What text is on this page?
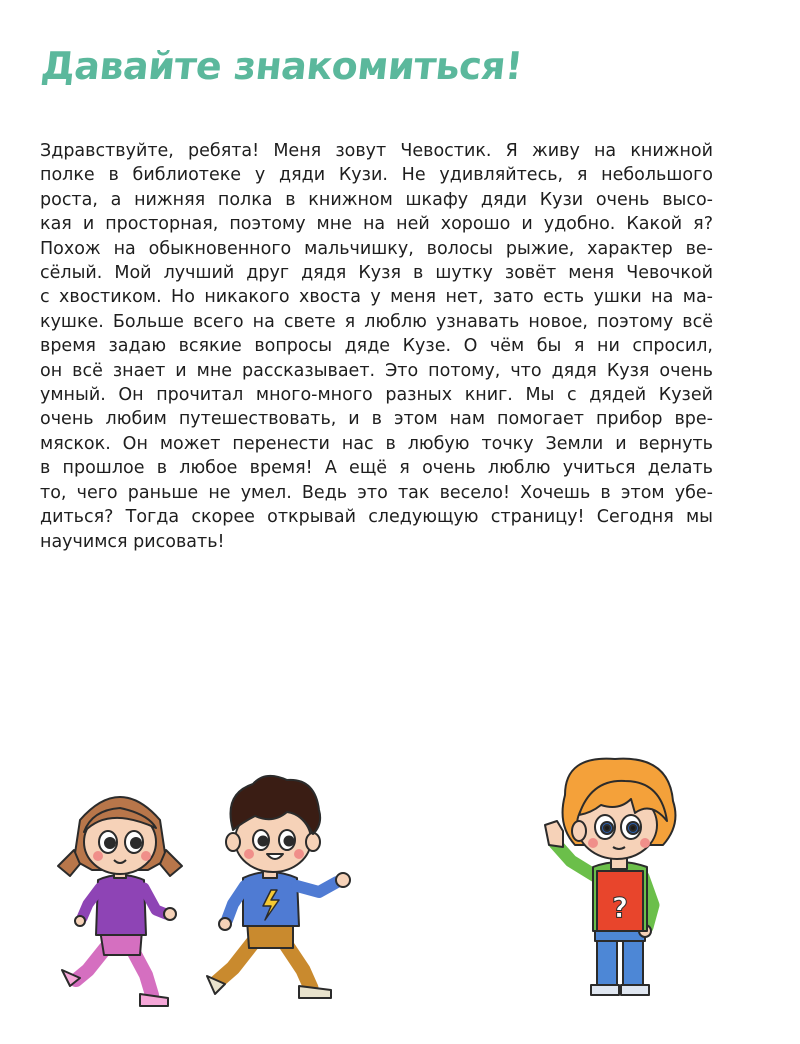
Давайте знакомиться!
Здравствуйте, ребята! Меня зовут Чевостик. Я живу на книжной
полке в библиотеке у дяди Кузи. Не удивляйтесь, я небольшого
роста, а нижняя полка в книжном шкафу дяди Кузи очень высо-
кая и просторная, поэтому мне на ней хорошо и удобно. Какой я?
Похож на обыкновенного мальчишку, волосы рыжие, характер ве-
сёлый. Мой лучший друг дядя Кузя в шутку зовёт меня Чевочкой
с хвостиком. Но никакого хвоста у меня нет, зато есть ушки на ма-
кушке. Больше всего на свете я люблю узнавать новое, поэтому всё
время задаю всякие вопросы дяде Кузе. О чём бы я ни спросил,
он всё знает и мне рассказывает. Это потому, что дядя Кузя очень
умный. Он прочитал много-много разных книг. Мы с дядей Кузей
очень любим путешествовать, и в этом нам помогает прибор вре-
мяскок. Он может перенести нас в любую точку Земли и вернуть
в прошлое в любое время! А ещё я очень люблю учиться делать
то, чего раньше не умел. Ведь это так весело! Хочешь в этом убе-
диться? Тогда скорее открывай следующую страницу! Сегодня мы
научимся рисовать!
?
